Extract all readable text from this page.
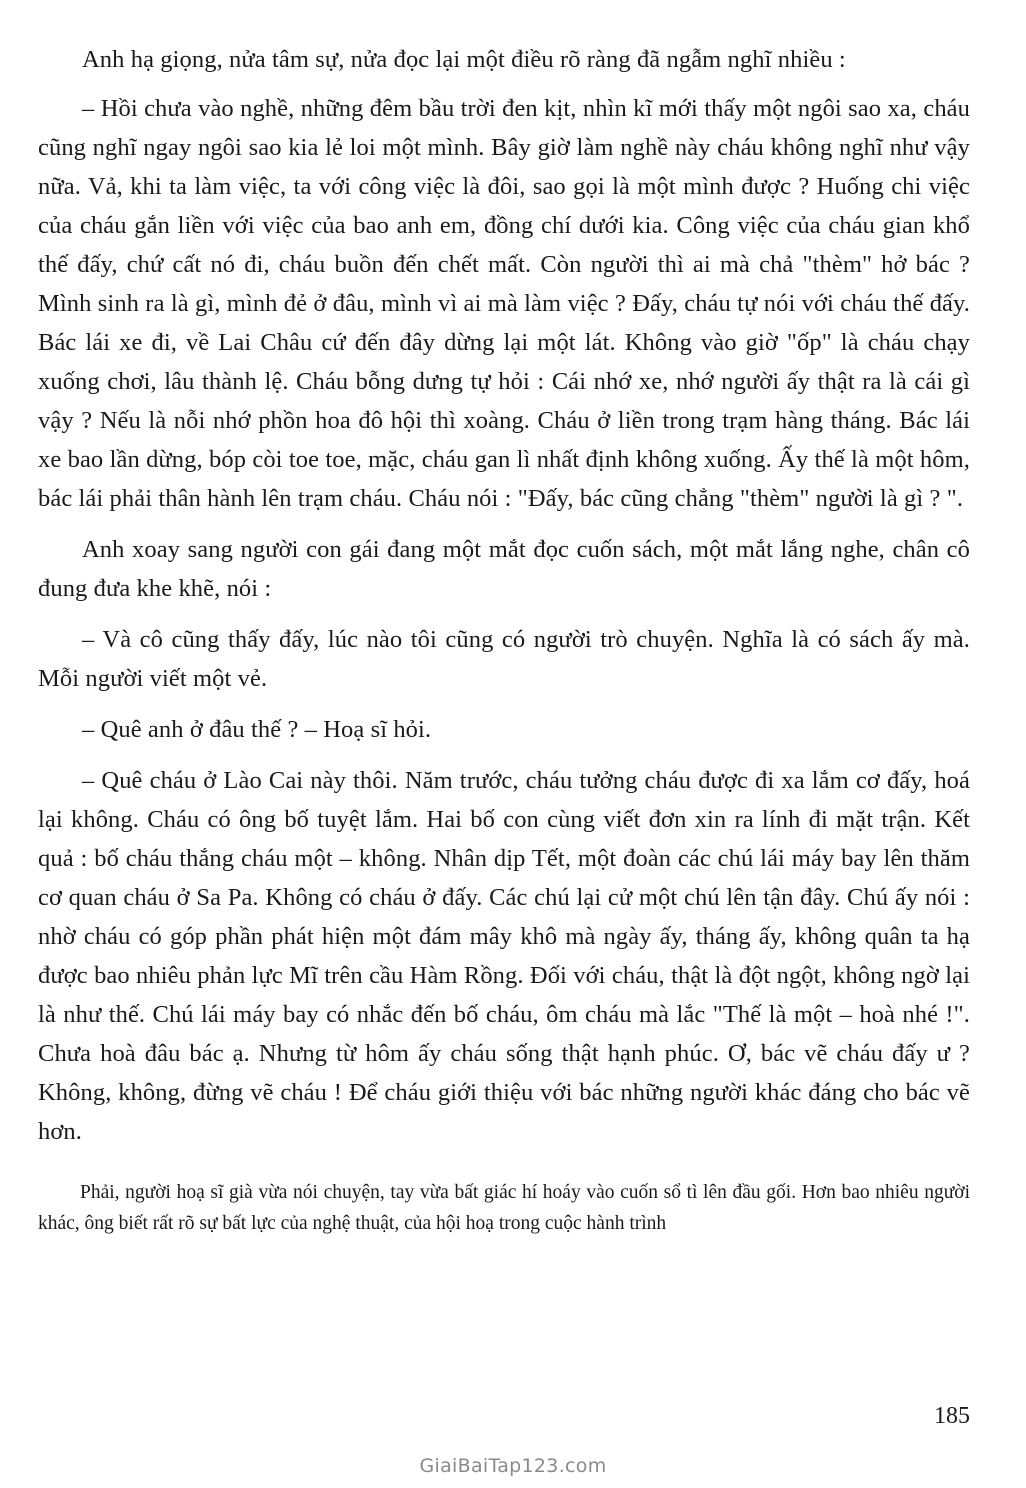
Anh hạ giọng, nửa tâm sự, nửa đọc lại một điều rõ ràng đã ngẫm nghĩ nhiều :

– Hồi chưa vào nghề, những đêm bầu trời đen kịt, nhìn kĩ mới thấy một ngôi sao xa, cháu cũng nghĩ ngay ngôi sao kia lẻ loi một mình. Bây giờ làm nghề này cháu không nghĩ như vậy nữa. Vả, khi ta làm việc, ta với công việc là đôi, sao gọi là một mình được ? Huống chi việc của cháu gắn liền với việc của bao anh em, đồng chí dưới kia. Công việc của cháu gian khổ thế đấy, chứ cất nó đi, cháu buồn đến chết mất. Còn người thì ai mà chả "thèm" hở bác ? Mình sinh ra là gì, mình đẻ ở đâu, mình vì ai mà làm việc ? Đấy, cháu tự nói với cháu thế đấy. Bác lái xe đi, về Lai Châu cứ đến đây dừng lại một lát. Không vào giờ "ốp" là cháu chạy xuống chơi, lâu thành lệ. Cháu bỗng dưng tự hỏi : Cái nhớ xe, nhớ người ấy thật ra là cái gì vậy ? Nếu là nỗi nhớ phồn hoa đô hội thì xoàng. Cháu ở liền trong trạm hàng tháng. Bác lái xe bao lần dừng, bóp còi toe toe, mặc, cháu gan lì nhất định không xuống. Ấy thế là một hôm, bác lái phải thân hành lên trạm cháu. Cháu nói : "Đấy, bác cũng chẳng "thèm" người là gì ? ".

Anh xoay sang người con gái đang một mắt đọc cuốn sách, một mắt lắng nghe, chân cô đung đưa khe khẽ, nói :

– Và cô cũng thấy đấy, lúc nào tôi cũng có người trò chuyện. Nghĩa là có sách ấy mà. Mỗi người viết một vẻ.

– Quê anh ở đâu thế ? – Hoạ sĩ hỏi.

– Quê cháu ở Lào Cai này thôi. Năm trước, cháu tưởng cháu được đi xa lắm cơ đấy, hoá lại không. Cháu có ông bố tuyệt lắm. Hai bố con cùng viết đơn xin ra lính đi mặt trận. Kết quả : bố cháu thắng cháu một – không. Nhân dịp Tết, một đoàn các chú lái máy bay lên thăm cơ quan cháu ở Sa Pa. Không có cháu ở đấy. Các chú lại cử một chú lên tận đây. Chú ấy nói : nhờ cháu có góp phần phát hiện một đám mây khô mà ngày ấy, tháng ấy, không quân ta hạ được bao nhiêu phản lực Mĩ trên cầu Hàm Rồng. Đối với cháu, thật là đột ngột, không ngờ lại là như thế. Chú lái máy bay có nhắc đến bố cháu, ôm cháu mà lắc "Thế là một – hoà nhé !". Chưa hoà đâu bác ạ. Nhưng từ hôm ấy cháu sống thật hạnh phúc. Ơ, bác vẽ cháu đấy ư ? Không, không, đừng vẽ cháu ! Để cháu giới thiệu với bác những người khác đáng cho bác vẽ hơn.

Phải, người hoạ sĩ già vừa nói chuyện, tay vừa bất giác hí hoáy vào cuốn sổ tì lên đầu gối. Hơn bao nhiêu người khác, ông biết rất rõ sự bất lực của nghệ thuật, của hội hoạ trong cuộc hành trình

185
GiaiBaiTap123.com
